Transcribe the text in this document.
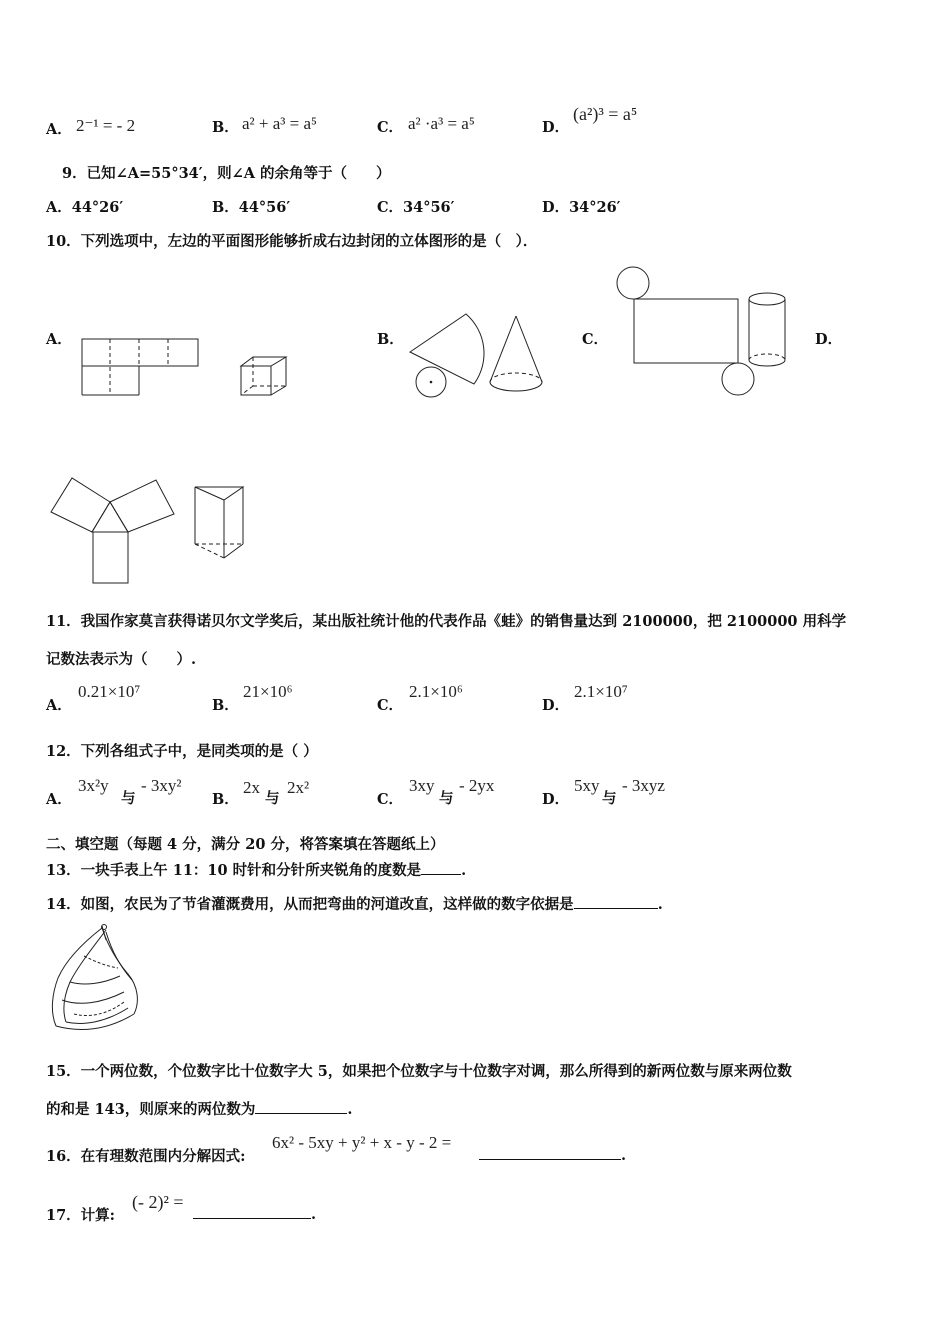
A． 2⁻¹ = - 2	B． a² + a³ = a⁵	C． a² ·a³ = a⁵	D．
(a²)³ = a⁵
9．已知∠A=55°34′，则∠A 的余角等于（　　）
A．44°26′	B．44°56′	C．34°56′	D．34°26′
10．下列选项中，左边的平面图形能够折成右边封闭的立体图形的是（　）．
A．	B．	C．	D．
11．我国作家莫言获得诺贝尔文学奖后，某出版社统计他的代表作品《蛙》的销售量达到 2100000，把 2100000 用科学
记数法表示为（　　）.
A．
0.21×10⁷
B．
21×10⁶
C．
2.1×10⁶
D．
2.1×10⁷
12．下列各组式子中，是同类项的是（ ）
A．
3x²y
与
- 3xy²
B．
2x
与
2x²
C．
3xy
与
- 2yx
D．
5xy
与
- 3xyz
二、填空题（每题 4 分，满分 20 分，将答案填在答题纸上）
13．一块手表上午 11：10 时针和分针所夹锐角的度数是	.
14．如图，农民为了节省灌溉费用，从而把弯曲的河道改直，这样做的数字依据是	.
15．一个两位数，个位数字比十位数字大 5，如果把个位数字与十位数字对调，那么所得到的新两位数与原来两位数
的和是 143，则原来的两位数为	.
16．在有理数范围内分解因式:
6x² - 5xy + y² + x - y - 2 =
.
17．计算:
(- 2)² =
.
